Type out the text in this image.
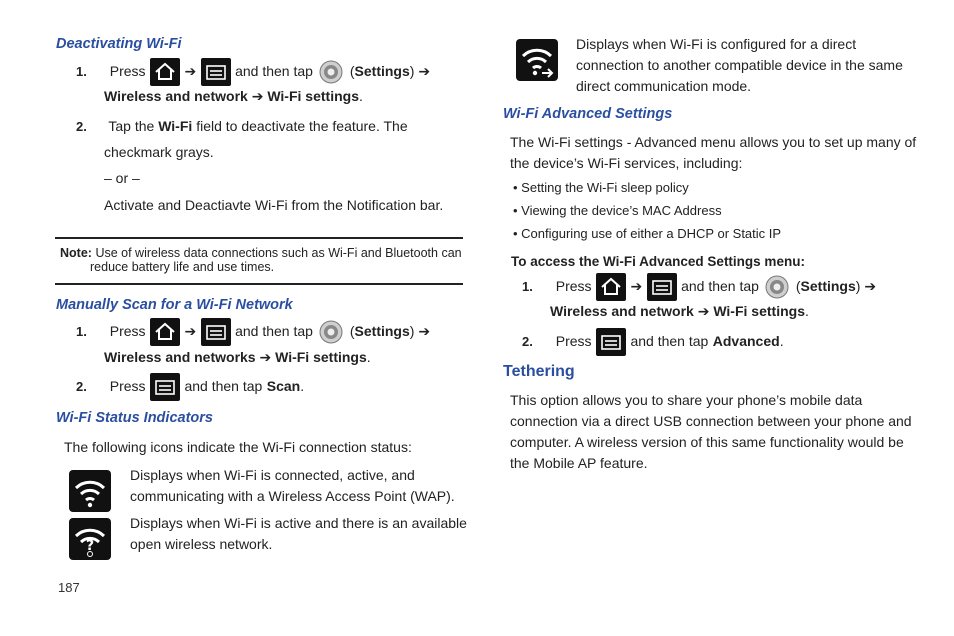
Deactivating Wi-Fi
1. Press	➔	and then tap	(Settings) ➔
Wireless and network ➔ Wi-Fi settings.
2. Tap the Wi-Fi field to deactivate the feature. The
checkmark grays.
– or –
Activate and Deactiavte Wi-Fi from the Notification bar.
Note: Use of wireless data connections such as Wi-Fi and Bluetooth can
reduce battery life and use times.
Manually Scan for a Wi-Fi Network
1. Press	➔	and then tap	(Settings) ➔
Wireless and networks ➔ Wi-Fi settings.
2. Press	and then tap Scan.
Wi-Fi Status Indicators
The following icons indicate the Wi-Fi connection status:
Displays when Wi-Fi is connected, active, and
communicating with a Wireless Access Point (WAP).
?
Displays when Wi-Fi is active and there is an available
open wireless network.
187
Displays when Wi-Fi is configured for a direct
connection to another compatible device in the same
direct communication mode.
Wi-Fi Advanced Settings
The Wi-Fi settings - Advanced menu allows you to set up many of
the device’s Wi-Fi services, including:
• Setting the Wi-Fi sleep policy
• Viewing the device’s MAC Address
• Configuring use of either a DHCP or Static IP
To access the Wi-Fi Advanced Settings menu:
1. Press	➔	and then tap	(Settings) ➔
Wireless and network ➔ Wi-Fi settings.
2. Press	and then tap Advanced.
Tethering
This option allows you to share your phone’s mobile data
connection via a direct USB connection between your phone and
computer. A wireless version of this same functionality would be
the Mobile AP feature.
